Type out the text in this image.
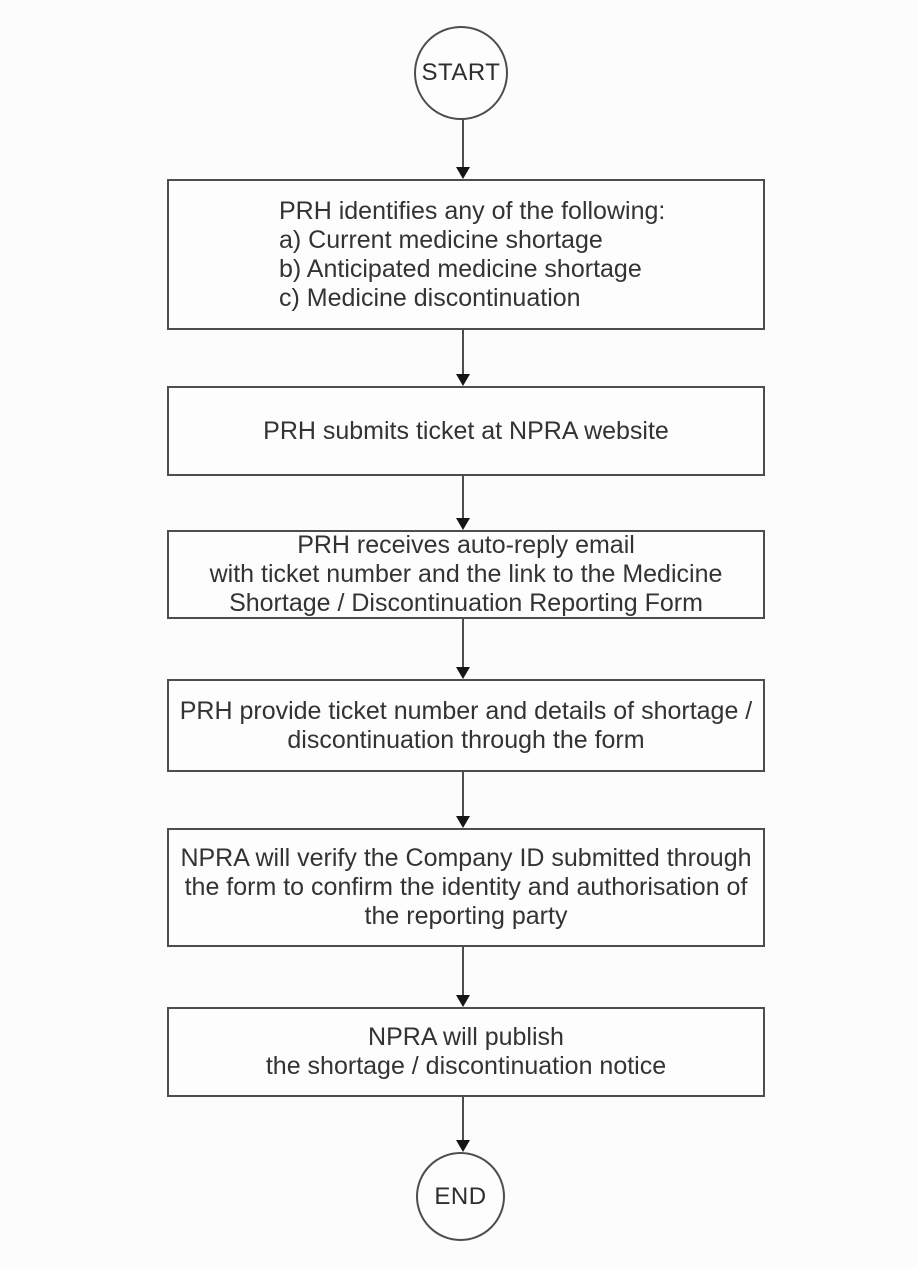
START
PRH identifies any of the following:
a) Current medicine shortage
b) Anticipated medicine shortage
c) Medicine discontinuation
PRH submits ticket at NPRA website
PRH receives auto-reply email
with ticket number and the link to the Medicine
Shortage / Discontinuation Reporting Form
PRH provide ticket number and details of shortage /
discontinuation through the form
NPRA will verify the Company ID submitted through
the form to confirm the identity and authorisation of
the reporting party
NPRA will publish
the shortage / discontinuation notice
END
